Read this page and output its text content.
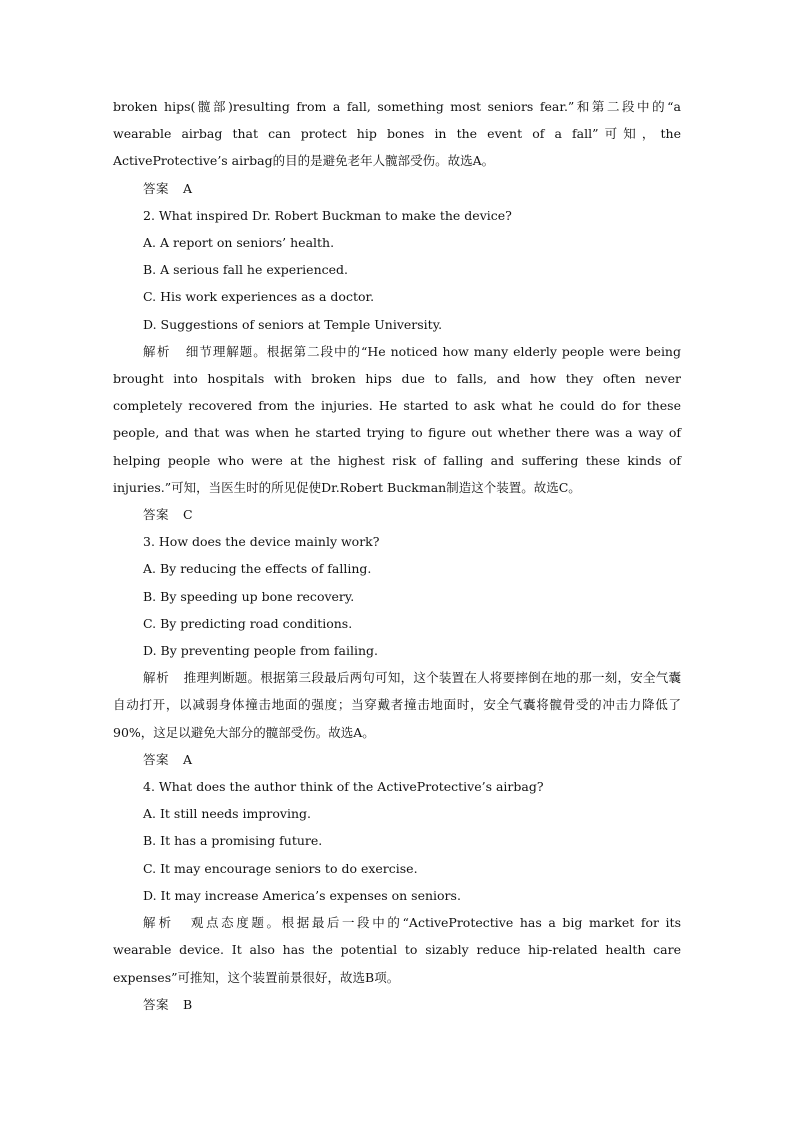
broken hips(髋部)resulting from a fall, something most seniors fear.”和第二段中的“a wearable airbag that can protect hip bones in the event of a fall”可知，the ActiveProtective’s airbag的目的是避免老年人髋部受伤。故选A。

答案 A

2. What inspired Dr. Robert Buckman to make the device?

A. A report on seniors’ health.

B. A serious fall he experienced.

C. His work experiences as a doctor.

D. Suggestions of seniors at Temple University.

解析 细节理解题。根据第二段中的“He noticed how many elderly people were being brought into hospitals with broken hips due to falls, and how they often never completely recovered from the injuries. He started to ask what he could do for these people, and that was when he started trying to figure out whether there was a way of helping people who were at the highest risk of falling and suffering these kinds of injuries.”可知，当医生时的所见促使Dr.Robert Buckman制造这个装置。故选C。

答案 C

3. How does the device mainly work?

A. By reducing the effects of falling.

B. By speeding up bone recovery.

C. By predicting road conditions.

D. By preventing people from failing.

解析 推理判断题。根据第三段最后两句可知，这个装置在人将要摔倒在地的那一刻，安全气囊自动打开，以减弱身体撞击地面的强度；当穿戴者撞击地面时，安全气囊将髋骨受的冲击力降低了90%，这足以避免大部分的髋部受伤。故选A。

答案 A

4. What does the author think of the ActiveProtective’s airbag?

A. It still needs improving.

B. It has a promising future.

C. It may encourage seniors to do exercise.

D. It may increase America’s expenses on seniors.

解析 观点态度题。根据最后一段中的“ActiveProtective has a big market for its wearable device. It also has the potential to sizably reduce hip-related health care expenses”可推知，这个装置前景很好，故选B项。

答案 B
